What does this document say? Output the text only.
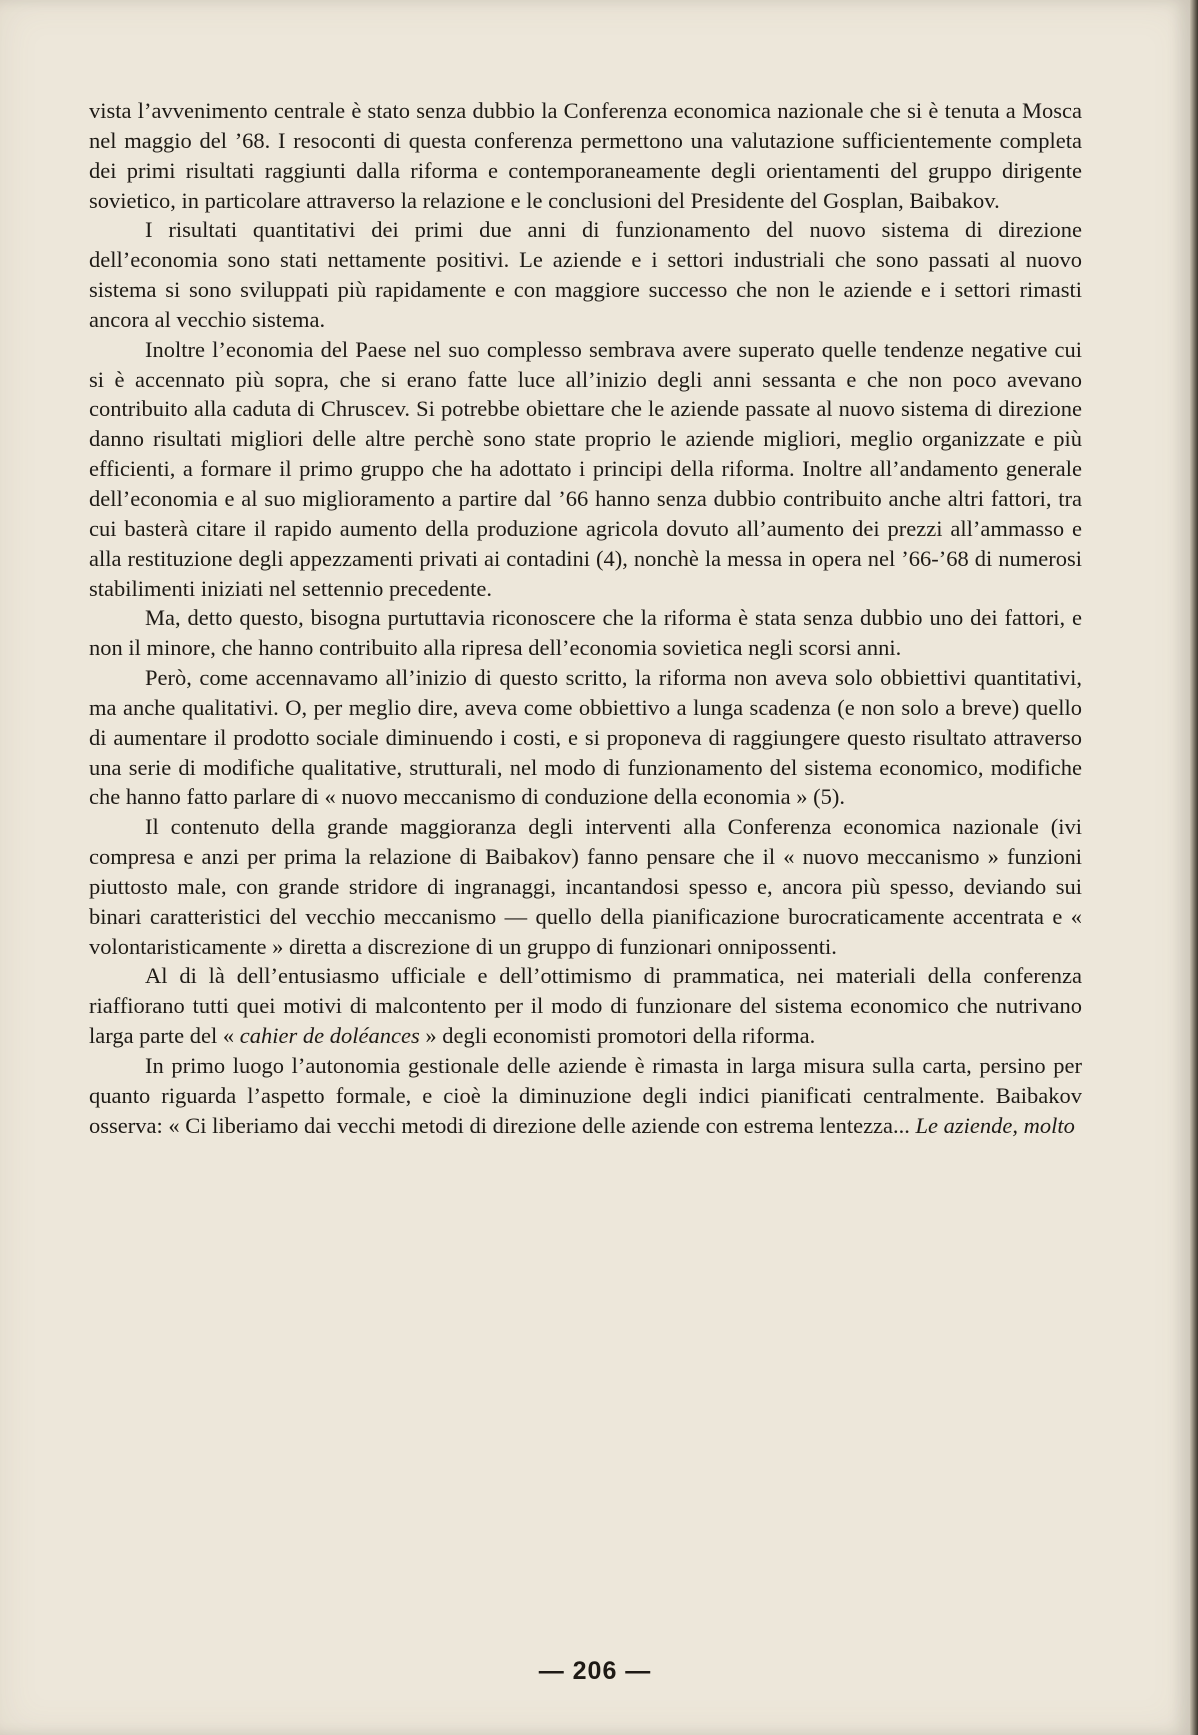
vista l’avvenimento centrale è stato senza dubbio la Conferenza economica nazionale che si è tenuta a Mosca nel maggio del ’68. I resoconti di questa conferenza permettono una valutazione sufficientemente completa dei primi risultati raggiunti dalla riforma e contemporaneamente degli orientamenti del gruppo dirigente sovietico, in particolare attraverso la relazione e le conclusioni del Presidente del Gosplan, Baibakov.

I risultati quantitativi dei primi due anni di funzionamento del nuovo sistema di direzione dell’economia sono stati nettamente positivi. Le aziende e i settori industriali che sono passati al nuovo sistema si sono sviluppati più rapidamente e con maggiore successo che non le aziende e i settori rimasti ancora al vecchio sistema.

Inoltre l’economia del Paese nel suo complesso sembrava avere superato quelle tendenze negative cui si è accennato più sopra, che si erano fatte luce all’inizio degli anni sessanta e che non poco avevano contribuito alla caduta di Chruscev. Si potrebbe obiettare che le aziende passate al nuovo sistema di direzione danno risultati migliori delle altre perchè sono state proprio le aziende migliori, meglio organizzate e più efficienti, a formare il primo gruppo che ha adottato i principi della riforma. Inoltre all’andamento generale dell’economia e al suo miglioramento a partire dal ’66 hanno senza dubbio contribuito anche altri fattori, tra cui basterà citare il rapido aumento della produzione agricola dovuto all’aumento dei prezzi all’ammasso e alla restituzione degli appezzamenti privati ai contadini (4), nonchè la messa in opera nel ’66-’68 di numerosi stabilimenti iniziati nel settennio precedente.

Ma, detto questo, bisogna purtuttavia riconoscere che la riforma è stata senza dubbio uno dei fattori, e non il minore, che hanno contribuito alla ripresa dell’economia sovietica negli scorsi anni.

Però, come accennavamo all’inizio di questo scritto, la riforma non aveva solo obbiettivi quantitativi, ma anche qualitativi. O, per meglio dire, aveva come obbiettivo a lunga scadenza (e non solo a breve) quello di aumentare il prodotto sociale diminuendo i costi, e si proponeva di raggiungere questo risultato attraverso una serie di modifiche qualitative, strutturali, nel modo di funzionamento del sistema economico, modifiche che hanno fatto parlare di « nuovo meccanismo di conduzione della economia » (5).

Il contenuto della grande maggioranza degli interventi alla Conferenza economica nazionale (ivi compresa e anzi per prima la relazione di Baibakov) fanno pensare che il « nuovo meccanismo » funzioni piuttosto male, con grande stridore di ingranaggi, incantandosi spesso e, ancora più spesso, deviando sui binari caratteristici del vecchio meccanismo — quello della pianificazione burocraticamente accentrata e « volontaristicamente » diretta a discrezione di un gruppo di funzionari onnipossenti.

Al di là dell’entusiasmo ufficiale e dell’ottimismo di prammatica, nei materiali della conferenza riaffiorano tutti quei motivi di malcontento per il modo di funzionare del sistema economico che nutrivano larga parte del « cahier de doléances » degli economisti promotori della riforma.

In primo luogo l’autonomia gestionale delle aziende è rimasta in larga misura sulla carta, persino per quanto riguarda l’aspetto formale, e cioè la diminuzione degli indici pianificati centralmente. Baibakov osserva: « Ci liberiamo dai vecchi metodi di direzione delle aziende con estrema lentezza... Le aziende, molto

— 206 —
